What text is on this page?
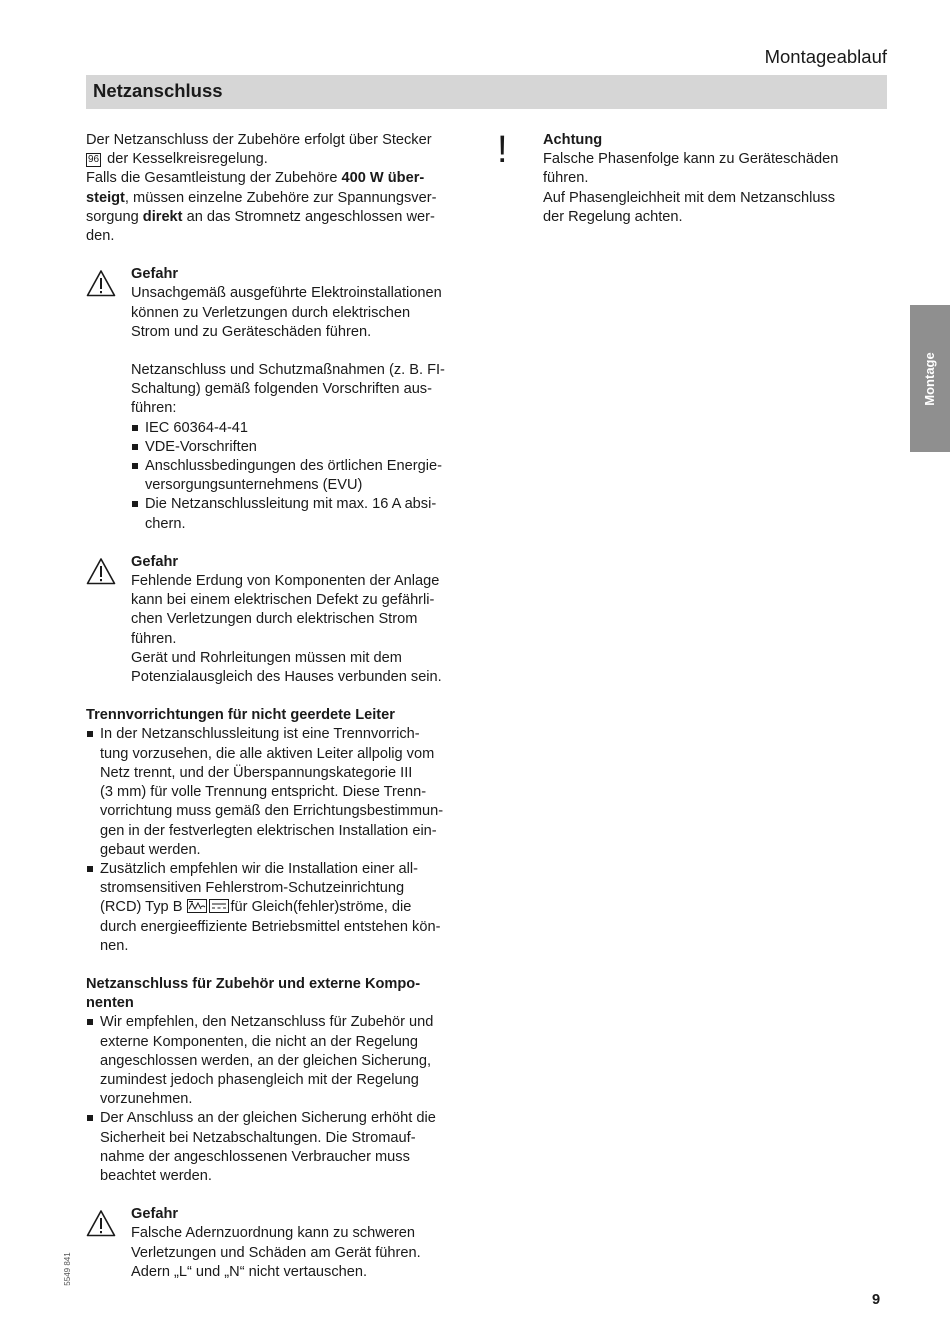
Montageablauf
Netzanschluss

Der Netzanschluss der Zubehöre erfolgt über Stecker

96 der Kesselkreisregelung.

Falls die Gesamtleistung der Zubehöre 400 W über-

steigt, müssen einzelne Zubehöre zur Spannungsver-

sorgung direkt an das Stromnetz angeschlossen wer-

den.

Gefahr

Unsachgemäß ausgeführte Elektroinstallationen

können zu Verletzungen durch elektrischen

Strom und zu Geräteschäden führen.

Netzanschluss und Schutzmaßnahmen (z. B. FI-

Schaltung) gemäß folgenden Vorschriften aus-

führen:

IEC 60364-4-41
VDE-Vorschriften
Anschlussbedingungen des örtlichen Energie-
versorgungsunternehmens (EVU)
Die Netzanschlussleitung mit max. 16 A absi-
chern.

Gefahr

Fehlende Erdung von Komponenten der Anlage

kann bei einem elektrischen Defekt zu gefährli-

chen Verletzungen durch elektrischen Strom

führen.

Gerät und Rohrleitungen müssen mit dem

Potenzialausgleich des Hauses verbunden sein.

Trennvorrichtungen für nicht geerdete Leiter

In der Netzanschlussleitung ist eine Trennvorrich-
tung vorzusehen, die alle aktiven Leiter allpolig vom
Netz trennt, und der Überspannungskategorie III
(3 mm) für volle Trennung entspricht. Diese Trenn-
vorrichtung muss gemäß den Errichtungsbestimmun-
gen in der festverlegten elektrischen Installation ein-
gebaut werden.
Zusätzlich empfehlen wir die Installation einer all-
stromsensitiven Fehlerstrom-Schutzeinrichtung
(RCD) Typ B	für Gleich(fehler)ströme, die
durch energieeffiziente Betriebsmittel entstehen kön-
nen.

Netzanschluss für Zubehör und externe Kompo-
nenten

Wir empfehlen, den Netzanschluss für Zubehör und
externe Komponenten, die nicht an der Regelung
angeschlossen werden, an der gleichen Sicherung,
zumindest jedoch phasengleich mit der Regelung
vorzunehmen.
Der Anschluss an der gleichen Sicherung erhöht die
Sicherheit bei Netzabschaltungen. Die Stromauf-
nahme der angeschlossenen Verbraucher muss
beachtet werden.

Gefahr

Falsche Adernzuordnung kann zu schweren

Verletzungen und Schäden am Gerät führen.

Adern „L“ und „N“ nicht vertauschen.

! Achtung

Falsche Phasenfolge kann zu Geräteschäden

führen.

Auf Phasengleichheit mit dem Netzanschluss

der Regelung achten.

Montage
5549 841
9
